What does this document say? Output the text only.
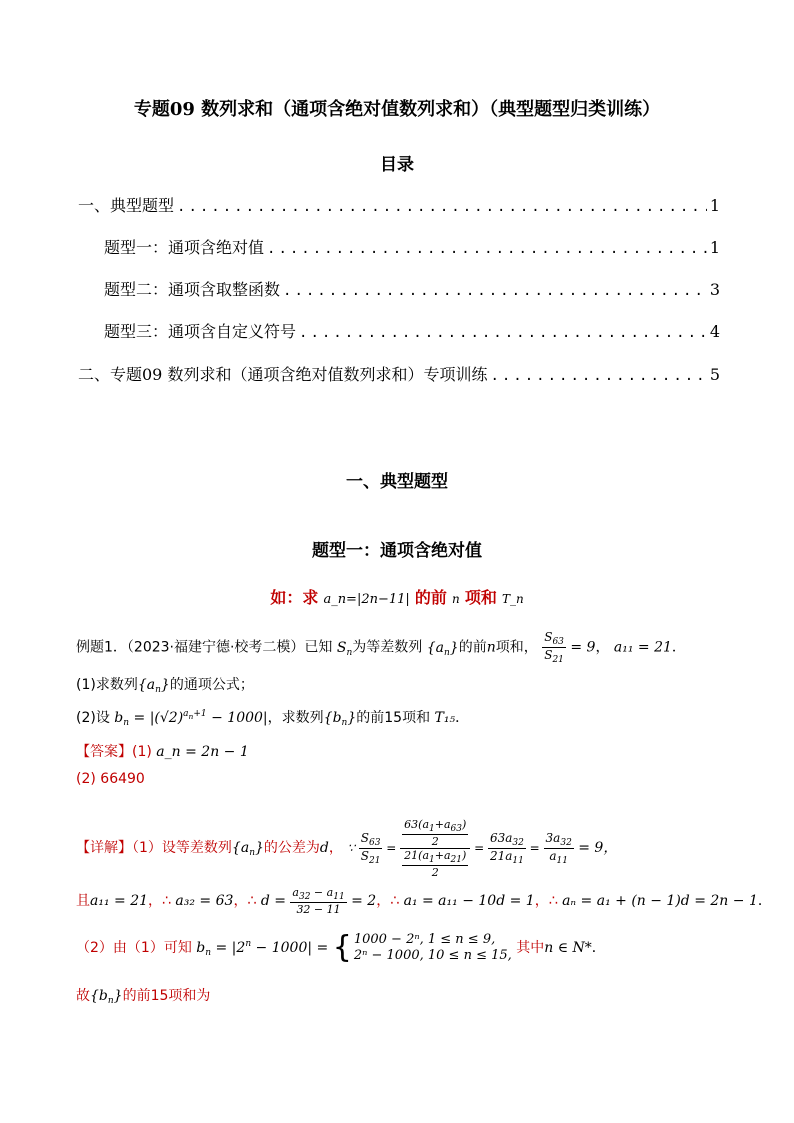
专题09 数列求和（通项含绝对值数列求和）（典型题型归类训练）
目录
一、典型题型 .....	1
题型一：通项含绝对值 .....	1
题型二：通项含取整函数 .....	3
题型三：通项含自定义符号 .....	4
二、专题09 数列求和（通项含绝对值数列求和）专项训练 .....	5
一、典型题型
题型一：通项含绝对值
如：求 a_n=|2n−11| 的前 n 项和 T_n
例题1．（2023·福建宁德·校考二模）已知 $S_n$为等差数列 $\{a_n\}$的前n项和， $\frac{S_{63}}{S_{21}} = 9$， a₁₁ = 21．
(1)求数列$\{a_n\}$的通项公式；
(2)设 $b_n = |(√2)^{a_n+1} - 1000|$，求数列$\{b_n\}$的前15项和 T₁₅．
【答案】(1) a_n = 2n − 1
(2) 66490
【详解】（1）设等差数列$\{a_n\}$的公差为d， ∵ $\frac{S_{63}}{S_{21}} = \frac{\frac{63(a_1+a_{63})}{2}}{\frac{21(a_1+a_{21})}{2}} = \frac{63a_{32}}{21a_{11}} = \frac{3a_{32}}{a_{11}} = 9$，
且a₁₁ = 21，∴ a₃₂ = 63，∴ $d = \frac{a_{32} - a_{11}}{32 - 11} = 2$，∴ a₁ = a₁₁ − 10d = 1，∴ aₙ = a₁ + (n − 1)d = 2n − 1．
（2）由（1）可知 $b_n = |2^n - 1000|$ = { 1000 − 2ⁿ, 1 ≤ n ≤ 9,
2ⁿ − 1000, 10 ≤ n ≤ 15, 其中n ∈ N*．
故$\{b_n\}$的前15项和为
